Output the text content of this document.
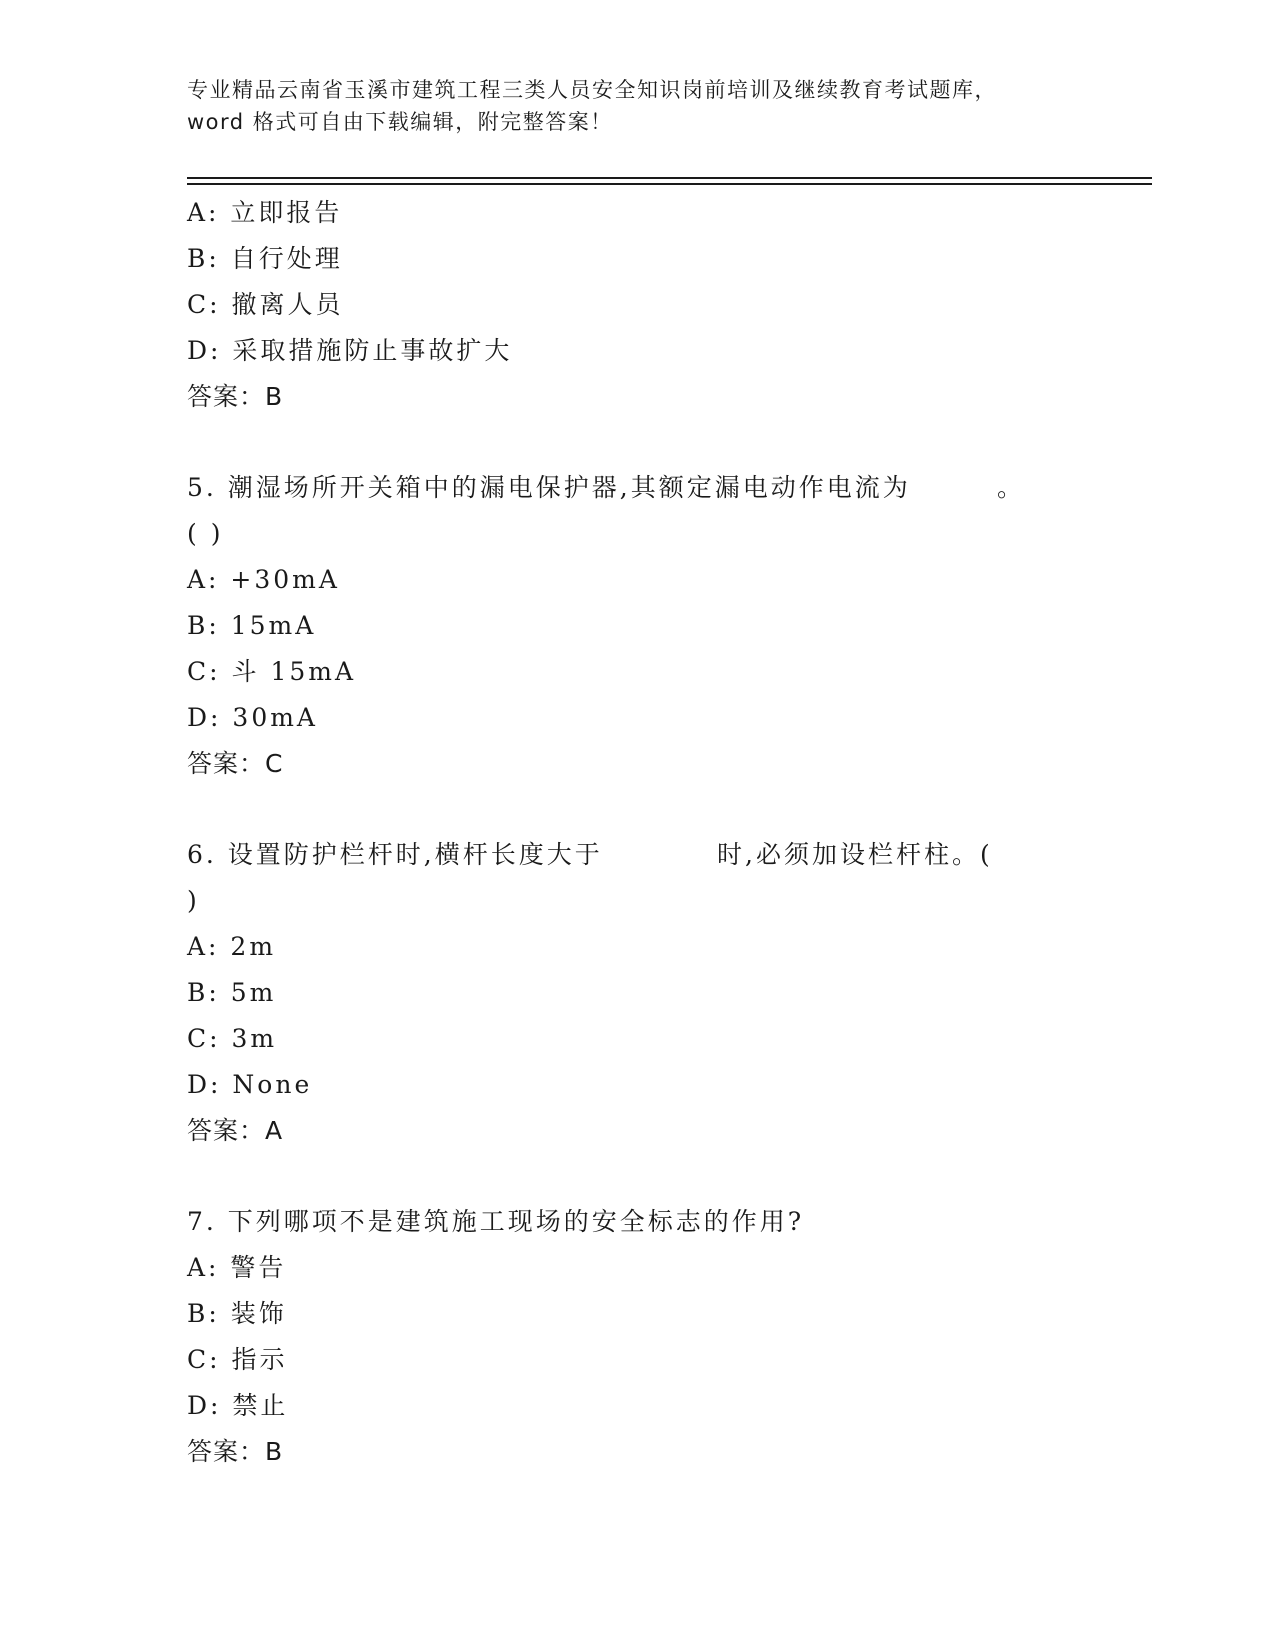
专业精品云南省玉溪市建筑工程三类人员安全知识岗前培训及继续教育考试题库，
word 格式可自由下载编辑，附完整答案！
A: 立即报告
B: 自行处理
C: 撤离人员
D: 采取措施防止事故扩大
答案：B
5. 潮湿场所开关箱中的漏电保护器,其额定漏电动作电流为	。
( )
A: +30mA
B: 15mA
C: 斗 15mA
D: 30mA
答案：C
6. 设置防护栏杆时,横杆长度大于	时,必须加设栏杆柱。(
)
A: 2m
B: 5m
C: 3m
D: None
答案：A
7. 下列哪项不是建筑施工现场的安全标志的作用?
A: 警告
B: 装饰
C: 指示
D: 禁止
答案：B
